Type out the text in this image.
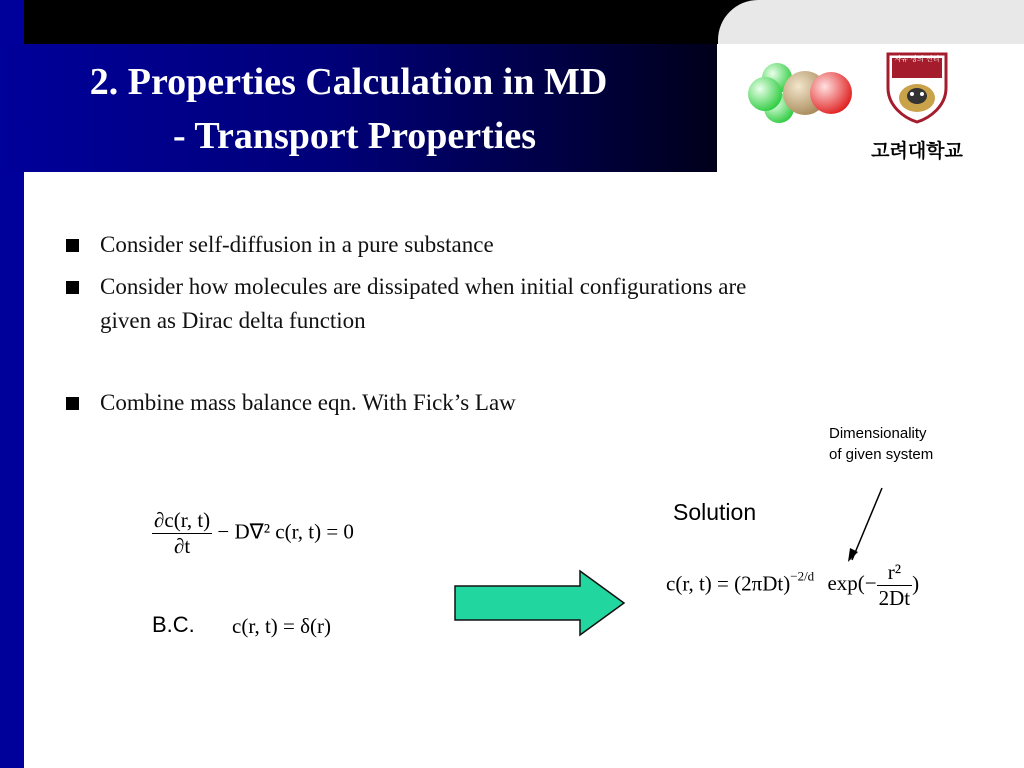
2. Properties Calculation in MD
- Transport Properties
자유 정의 진리
고려대학교
Consider self-diffusion in a pure substance
Consider how molecules are dissipated when initial configurations are
given as Dirac delta function
Combine mass balance eqn. With Fick’s Law
Dimensionality
of given system
Solution
$\frac{\partial c(r, t)}{\partial t} - D\nabla^2$ c(r, t) = 0
B.C. c(r, t) = δ(r)
c(r, $t) = (2\pi Dt)^{-2/d}$ $\exp(- \frac{\text{r²}}{2Dt}$ )
